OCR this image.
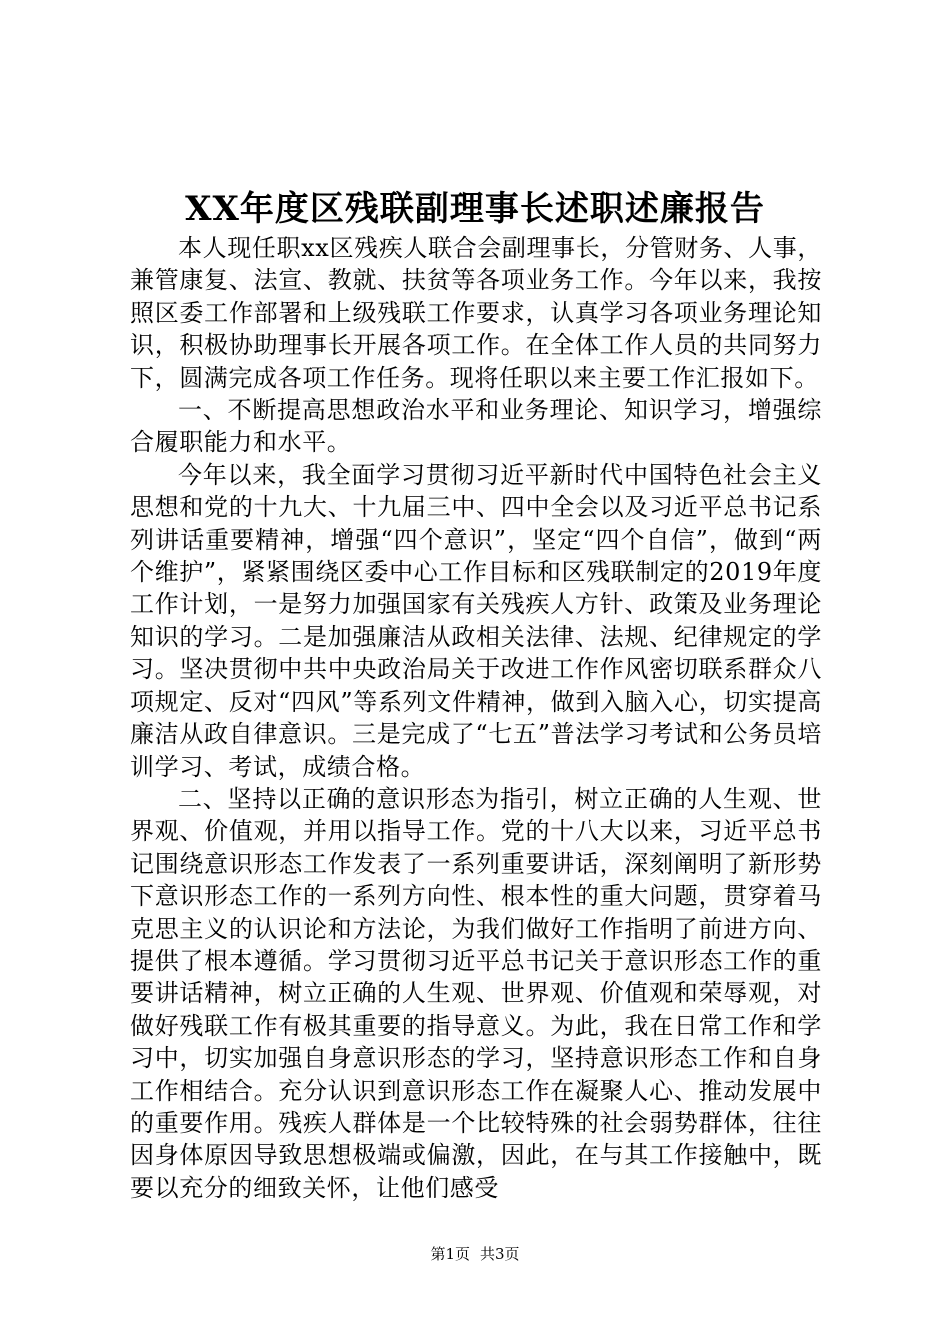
XX年度区残联副理事长述职述廉报告

本人现任职xx区残疾人联合会副理事长，分管财务、人事，兼管康复、法宣、教就、扶贫等各项业务工作。今年以来，我按照区委工作部署和上级残联工作要求，认真学习各项业务理论知识，积极协助理事长开展各项工作。在全体工作人员的共同努力下，圆满完成各项工作任务。现将任职以来主要工作汇报如下。

一、不断提高思想政治水平和业务理论、知识学习，增强综合履职能力和水平。

今年以来，我全面学习贯彻习近平新时代中国特色社会主义思想和党的十九大、十九届三中、四中全会以及习近平总书记系列讲话重要精神，增强“四个意识”，坚定“四个自信”，做到“两个维护”，紧紧围绕区委中心工作目标和区残联制定的2019年度工作计划，一是努力加强国家有关残疾人方针、政策及业务理论知识的学习。二是加强廉洁从政相关法律、法规、纪律规定的学习。坚决贯彻中共中央政治局关于改进工作作风密切联系群众八项规定、反对“四风”等系列文件精神，做到入脑入心，切实提高廉洁从政自律意识。三是完成了“七五”普法学习考试和公务员培训学习、考试，成绩合格。

二、坚持以正确的意识形态为指引，树立正确的人生观、世界观、价值观，并用以指导工作。党的十八大以来，习近平总书记围绕意识形态工作发表了一系列重要讲话，深刻阐明了新形势下意识形态工作的一系列方向性、根本性的重大问题，贯穿着马克思主义的认识论和方法论，为我们做好工作指明了前进方向、提供了根本遵循。学习贯彻习近平总书记关于意识形态工作的重要讲话精神，树立正确的人生观、世界观、价值观和荣辱观，对做好残联工作有极其重要的指导意义。为此，我在日常工作和学习中，切实加强自身意识形态的学习，坚持意识形态工作和自身工作相结合。充分认识到意识形态工作在凝聚人心、推动发展中的重要作用。残疾人群体是一个比较特殊的社会弱势群体，往往因身体原因导致思想极端或偏激，因此，在与其工作接触中，既要以充分的细致关怀，让他们感受

第1页 共3页
